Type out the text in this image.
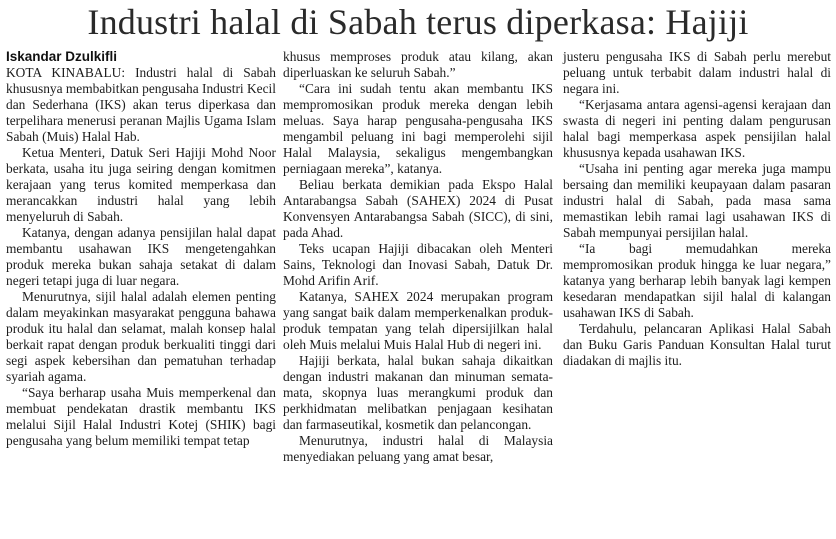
Industri halal di Sabah terus diperkasa: Hajiji
Iskandar Dzulkifli

KOTA KINABALU: Industri halal di Sabah khususnya membabitkan pengusaha Industri Kecil dan Sederhana (IKS) akan terus diperkasa dan terpelihara menerusi peranan Majlis Ugama Islam Sabah (Muis) Halal Hab.

Ketua Menteri, Datuk Seri Hajiji Mohd Noor berkata, usaha itu juga seiring dengan komitmen kerajaan yang terus komited memperkasa dan merancakkan industri halal yang lebih menyeluruh di Sabah.

Katanya, dengan adanya pensijilan halal dapat membantu usahawan IKS mengetengahkan produk mereka bukan sahaja setakat di dalam negeri tetapi juga di luar negara.

Menurutnya, sijil halal adalah elemen penting dalam meyakinkan masyarakat pengguna bahawa produk itu halal dan selamat, malah konsep halal berkait rapat dengan produk berkualiti tinggi dari segi aspek kebersihan dan pematuhan terhadap syariah agama.

“Saya berharap usaha Muis memperkenal dan membuat pendekatan drastik membantu IKS melalui Sijil Halal Industri Kotej (SHIK) bagi pengusaha yang belum memiliki tempat tetap

khusus memproses produk atau kilang, akan diperluaskan ke seluruh Sabah.”

“Cara ini sudah tentu akan membantu IKS mempromosikan produk mereka dengan lebih meluas. Saya harap pengusaha-pengusaha IKS mengambil peluang ini bagi memperolehi sijil Halal Malaysia, sekaligus mengembangkan perniagaan mereka”, katanya.

Beliau berkata demikian pada Ekspo Halal Antarabangsa Sabah (SAHEX) 2024 di Pusat Konvensyen Antarabangsa Sabah (SICC), di sini, pada Ahad.

Teks ucapan Hajiji dibacakan oleh Menteri Sains, Teknologi dan Inovasi Sabah, Datuk Dr. Mohd Arifin Arif.

Katanya, SAHEX 2024 merupakan program yang sangat baik dalam memperkenalkan produk-produk tempatan yang telah dipersijilkan halal oleh Muis melalui Muis Halal Hub di negeri ini.

Hajiji berkata, halal bukan sahaja dikaitkan dengan industri makanan dan minuman semata-mata, skopnya luas merangkumi produk dan perkhidmatan melibatkan penjagaan kesihatan dan farmaseutikal, kosmetik dan pelancongan.

Menurutnya, industri halal di Malaysia menyediakan peluang yang amat besar,

justeru pengusaha IKS di Sabah perlu merebut peluang untuk terbabit dalam industri halal di negara ini.

“Kerjasama antara agensi-agensi kerajaan dan swasta di negeri ini penting dalam pengurusan halal bagi memperkasa aspek pensijilan halal khususnya kepada usahawan IKS.

“Usaha ini penting agar mereka juga mampu bersaing dan memiliki keupayaan dalam pasaran industri halal di Sabah, pada masa sama memastikan lebih ramai lagi usahawan IKS di Sabah mempunyai persijilan halal.

“Ia bagi memudahkan mereka mempromosikan produk hingga ke luar negara,” katanya yang berharap lebih banyak lagi kempen kesedaran mendapatkan sijil halal di kalangan usahawan IKS di Sabah.

Terdahulu, pelancaran Aplikasi Halal Sabah dan Buku Garis Panduan Konsultan Halal turut diadakan di majlis itu.
